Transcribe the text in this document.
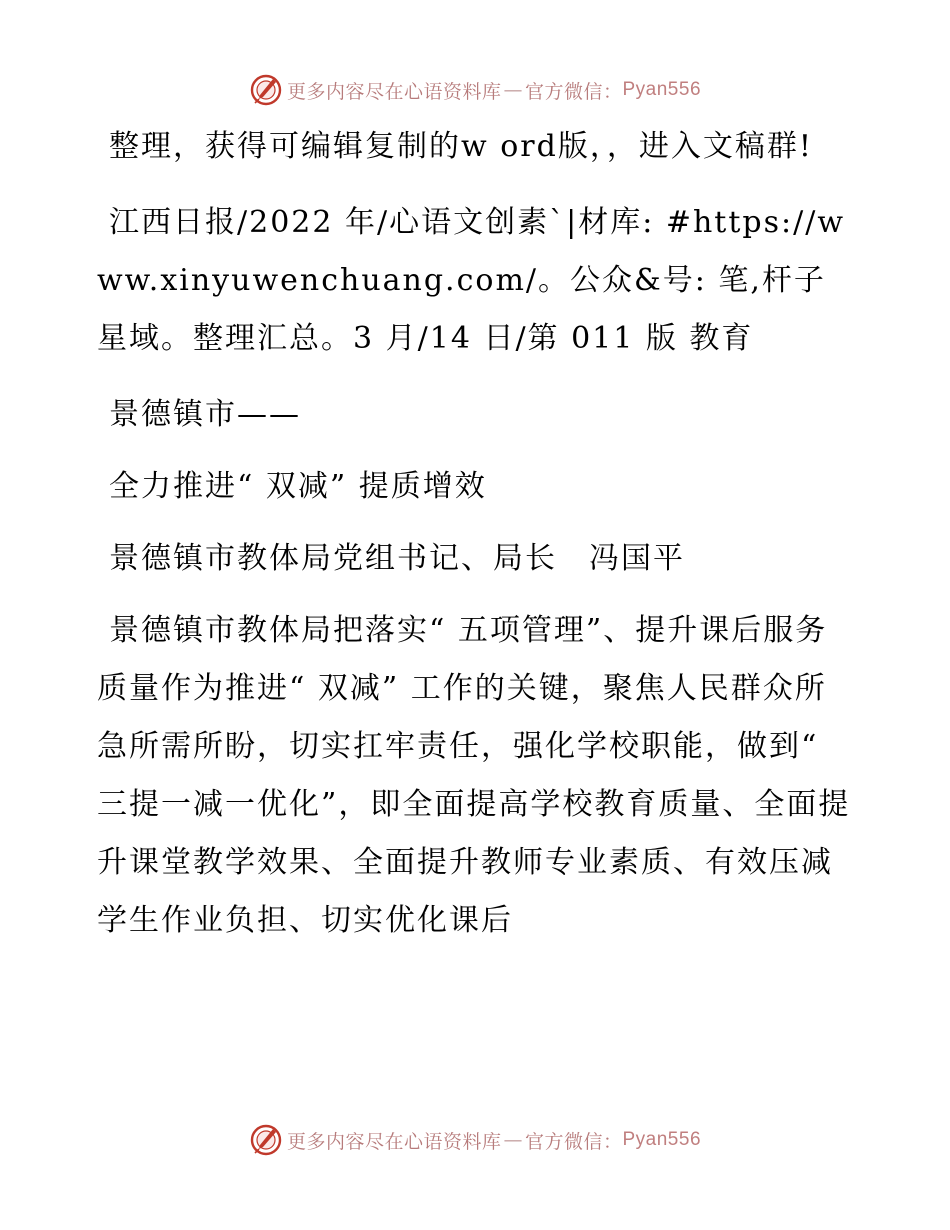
更多内容尽在心语资料库 — 官方微信： Pyan556

整理，获得可编辑复制的w ord版，，进入文稿群!

江西日报/2022 年/心语文创素`|材库: #https://www.xinyuwenchuang.com/。公众&号: 笔,杆子星域。整理汇总。3 月/14 日/第 011 版 教育

景德镇市——

全力推进“ 双减” 提质增效

景德镇市教体局党组书记、局长　冯国平

景德镇市教体局把落实“ 五项管理”、提升课后服务质量作为推进“ 双减” 工作的关键，聚焦人民群众所急所需所盼，切实扛牢责任，强化学校职能，做到“ 三提一减一优化”，即全面提高学校教育质量、全面提升课堂教学效果、全面提升教师专业素质、有效压减学生作业负担、切实优化课后

更多内容尽在心语资料库 — 官方微信： Pyan556
